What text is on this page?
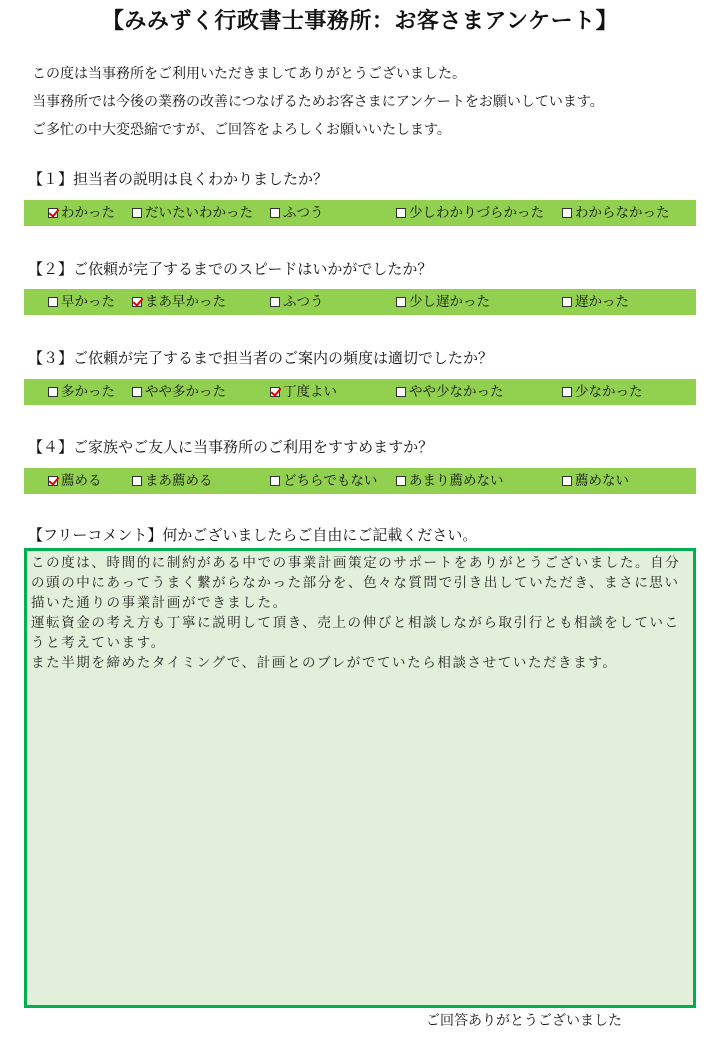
【みみずく行政書士事務所：お客さまアンケート】
この度は当事務所をご利用いただきましてありがとうございました。
当事務所では今後の業務の改善につなげるためお客さまにアンケートをお願いしています。
ご多忙の中大変恐縮ですが、ご回答をよろしくお願いいたします。
【１】担当者の説明は良くわかりましたか？
わかった だいたいわかった ふつう	少しわかりづらかった わからなかった
【２】ご依頼が完了するまでのスピードはいかがでしたか？
早かった まあ早かった	ふつう	少し遅かった	遅かった
【３】ご依頼が完了するまで担当者のご案内の頻度は適切でしたか？
多かった やや多かった	丁度よい	やや少なかった	少なかった
【４】ご家族やご友人に当事務所のご利用をすすめますか？
薦める	まあ薦める	どちらでもない あまり薦めない	薦めない
【フリーコメント】何かございましたらご自由にご記載ください。

この度は、時間的に制約がある中での事業計画策定のサポートをありがとうございました。自分の頭の中にあってうまく繋がらなかった部分を、色々な質問で引き出していただき、まさに思い描いた通りの事業計画ができました。

運転資金の考え方も丁寧に説明して頂き、売上の伸びと相談しながら取引行とも相談をしていこうと考えています。

また半期を締めたタイミングで、計画とのブレがでていたら相談させていただきます。

ご回答ありがとうございました
